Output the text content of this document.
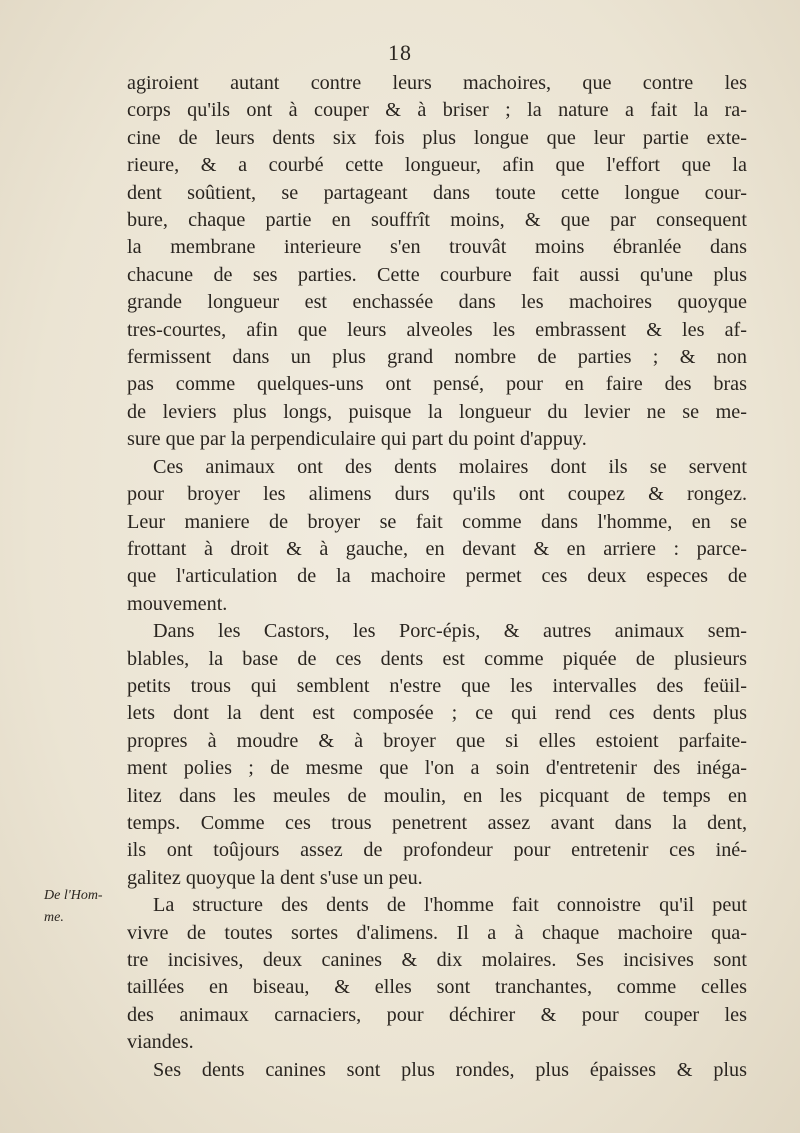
18
De l'Hom-
me.
agiroient autant contre leurs machoires, que contre les
corps qu'ils ont à couper & à briser ; la nature a fait la ra-
cine de leurs dents six fois plus longue que leur partie exte-
rieure, & a courbé cette longueur, afin que l'effort que la
dent soûtient, se partageant dans toute cette longue cour-
bure, chaque partie en souffrît moins, & que par consequent
la membrane interieure s'en trouvât moins ébranlée dans
chacune de ses parties. Cette courbure fait aussi qu'une plus
grande longueur est enchassée dans les machoires quoyque
tres-courtes, afin que leurs alveoles les embrassent & les af-
fermissent dans un plus grand nombre de parties ; & non
pas comme quelques-uns ont pensé, pour en faire des bras
de leviers plus longs, puisque la longueur du levier ne se me-
sure que par la perpendiculaire qui part du point d'appuy.
Ces animaux ont des dents molaires dont ils se servent
pour broyer les alimens durs qu'ils ont coupez & rongez.
Leur maniere de broyer se fait comme dans l'homme, en se
frottant à droit & à gauche, en devant & en arriere : parce-
que l'articulation de la machoire permet ces deux especes de
mouvement.
Dans les Castors, les Porc-épis, & autres animaux sem-
blables, la base de ces dents est comme piquée de plusieurs
petits trous qui semblent n'estre que les intervalles des feüil-
lets dont la dent est composée ; ce qui rend ces dents plus
propres à moudre & à broyer que si elles estoient parfaite-
ment polies ; de mesme que l'on a soin d'entretenir des inéga-
litez dans les meules de moulin, en les picquant de temps en
temps. Comme ces trous penetrent assez avant dans la dent,
ils ont toûjours assez de profondeur pour entretenir ces iné-
galitez quoyque la dent s'use un peu.
La structure des dents de l'homme fait connoistre qu'il peut
vivre de toutes sortes d'alimens. Il a à chaque machoire qua-
tre incisives, deux canines & dix molaires. Ses incisives sont
taillées en biseau, & elles sont tranchantes, comme celles
des animaux carnaciers, pour déchirer & pour couper les
viandes.
Ses dents canines sont plus rondes, plus épaisses & plus
